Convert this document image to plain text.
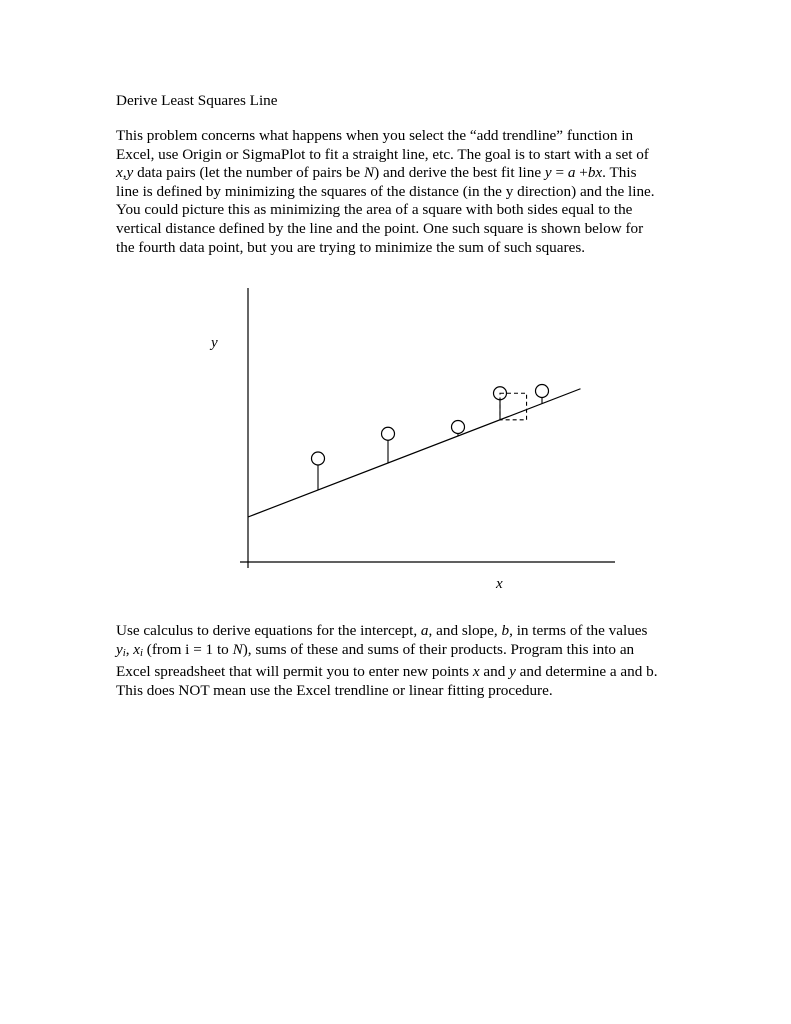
Derive Least Squares Line
This problem concerns what happens when you select the “add trendline” function in
Excel, use Origin or SigmaPlot to fit a straight line, etc. The goal is to start with a set of
x,y data pairs (let the number of pairs be N) and derive the best fit line y = a +bx. This
line is defined by minimizing the squares of the distance (in the y direction) and the line.
You could picture this as minimizing the area of a square with both sides equal to the
vertical distance defined by the line and the point. One such square is shown below for
the fourth data point, but you are trying to minimize the sum of such squares.
y
x
Use calculus to derive equations for the intercept, a, and slope, b, in terms of the values
$y_i$, $x_i$ (from i = 1 to N), sums of these and sums of their products. Program this into an
Excel spreadsheet that will permit you to enter new points x and y and determine a and b.
This does NOT mean use the Excel trendline or linear fitting procedure.
